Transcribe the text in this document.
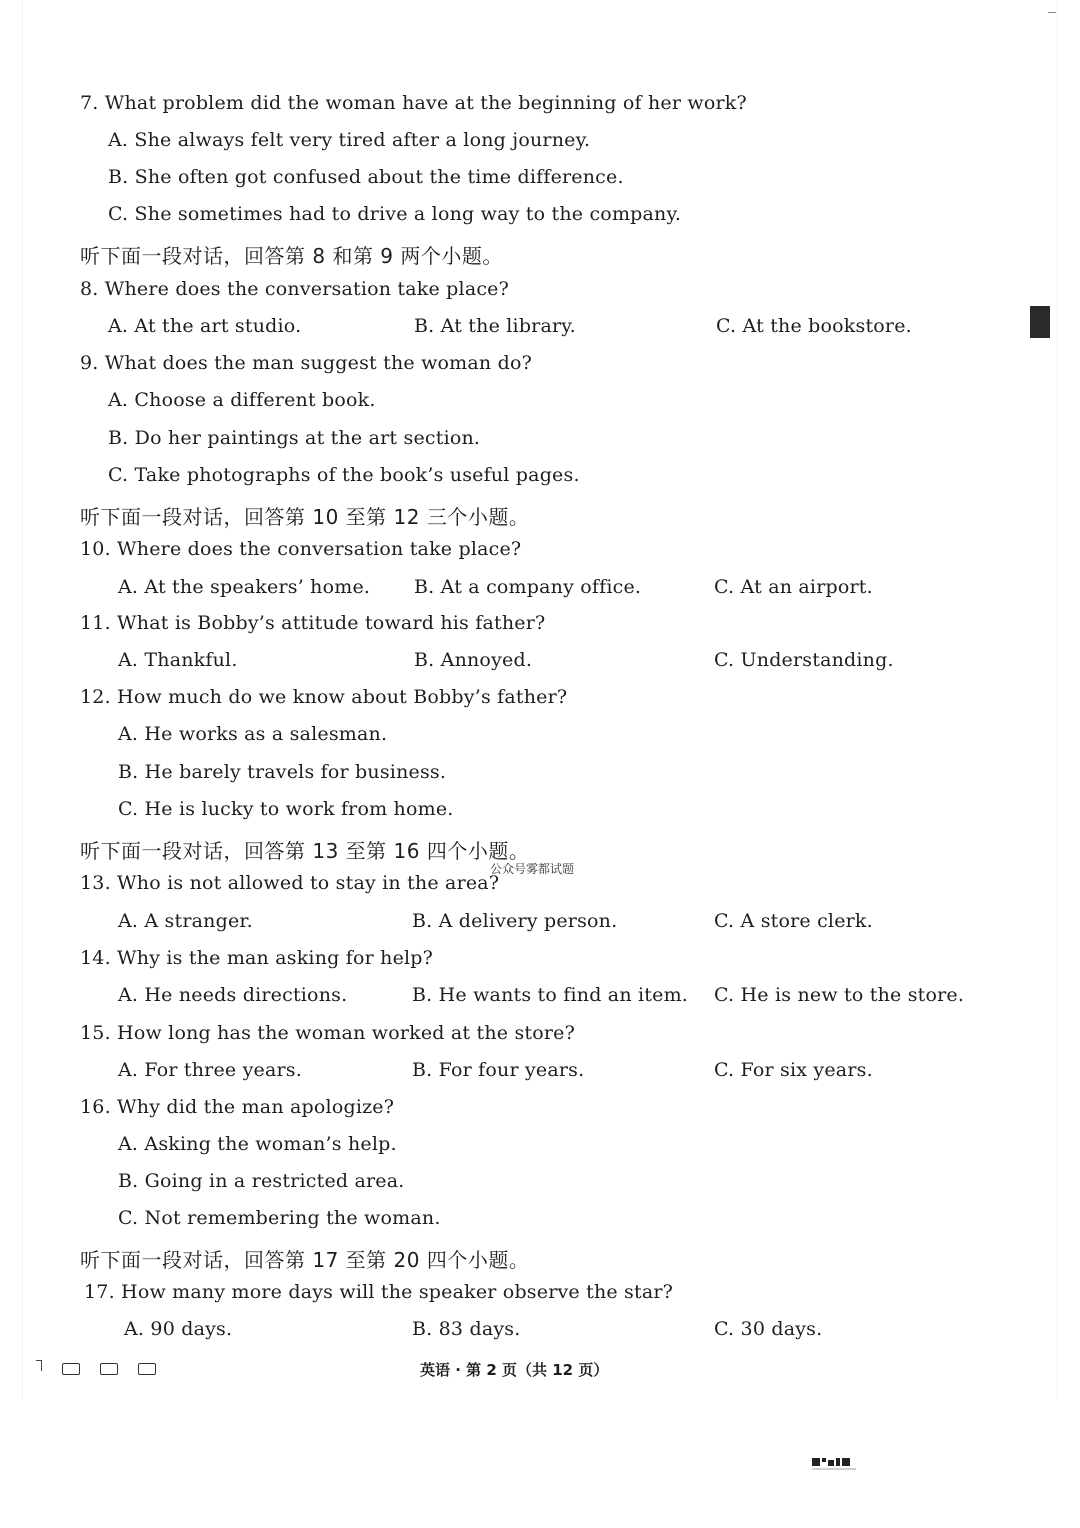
7. What problem did the woman have at the beginning of her work?
A. She always felt very tired after a long journey.
B. She often got confused about the time difference.
C. She sometimes had to drive a long way to the company.
听下面一段对话，回答第 8 和第 9 两个小题。
8. Where does the conversation take place?
A. At the art studio.	B. At the library.	C. At the bookstore.
9. What does the man suggest the woman do?
A. Choose a different book.
B. Do her paintings at the art section.
C. Take photographs of the book’s useful pages.
听下面一段对话，回答第 10 至第 12 三个小题。
10. Where does the conversation take place?
A. At the speakers’ home. B. At a company office.	C. At an airport.
11. What is Bobby’s attitude toward his father?
A. Thankful.	B. Annoyed.	C. Understanding.
12. How much do we know about Bobby’s father?
A. He works as a salesman.
B. He barely travels for business.
C. He is lucky to work from home.
听下面一段对话，回答第 13 至第 16 四个小题。
公众号雾都试题
13. Who is not allowed to stay in the area?
A. A stranger.	B. A delivery person.	C. A store clerk.
14. Why is the man asking for help?
A. He needs directions.	B. He wants to find an item. C. He is new to the store.
15. How long has the woman worked at the store?
A. For three years.	B. For four years.	C. For six years.
16. Why did the man apologize?
A. Asking the woman’s help.
B. Going in a restricted area.
C. Not remembering the woman.
听下面一段对话，回答第 17 至第 20 四个小题。
17. How many more days will the speaker observe the star?
A. 90 days.	B. 83 days.	C. 30 days.
英语 · 第 2 页（共 12 页）
